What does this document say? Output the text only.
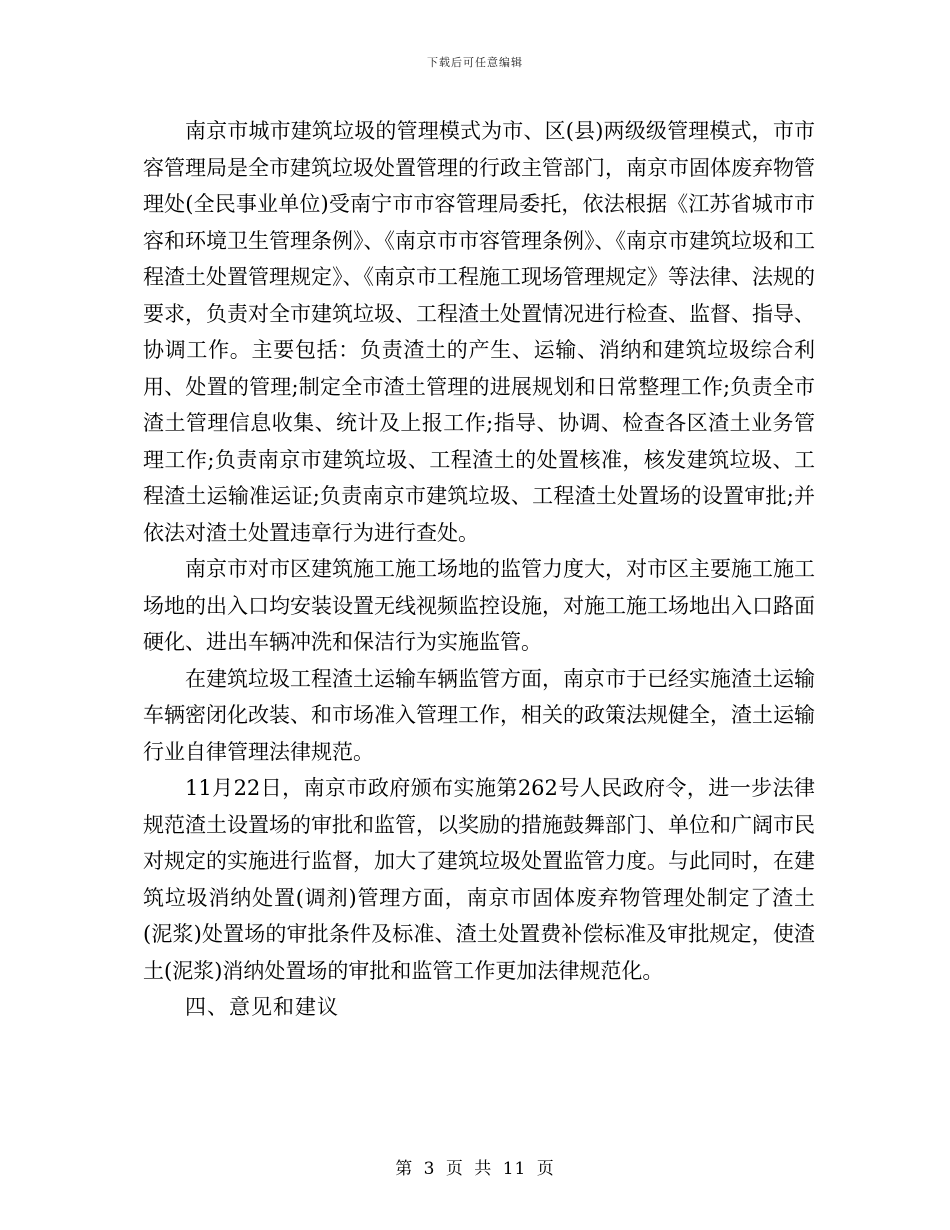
下载后可任意编辑

南京市城市建筑垃圾的管理模式为市、区(县)两级级管理模式，市市容管理局是全市建筑垃圾处置管理的行政主管部门，南京市固体废弃物管理处(全民事业单位)受南宁市市容管理局委托，依法根据《江苏省城市市容和环境卫生管理条例》、《南京市市容管理条例》、《南京市建筑垃圾和工程渣土处置管理规定》、《南京市工程施工现场管理规定》等法律、法规的要求，负责对全市建筑垃圾、工程渣土处置情况进行检查、监督、指导、协调工作。主要包括：负责渣土的产生、运输、消纳和建筑垃圾综合利用、处置的管理;制定全市渣土管理的进展规划和日常整理工作;负责全市渣土管理信息收集、统计及上报工作;指导、协调、检查各区渣土业务管理工作;负责南京市建筑垃圾、工程渣土的处置核准，核发建筑垃圾、工程渣土运输准运证;负责南京市建筑垃圾、工程渣土处置场的设置审批;并依法对渣土处置违章行为进行查处。

南京市对市区建筑施工施工场地的监管力度大，对市区主要施工施工场地的出入口均安装设置无线视频监控设施，对施工施工场地出入口路面硬化、进出车辆冲洗和保洁行为实施监管。

在建筑垃圾工程渣土运输车辆监管方面，南京市于已经实施渣土运输车辆密闭化改装、和市场准入管理工作，相关的政策法规健全，渣土运输行业自律管理法律规范。

11月22日，南京市政府颁布实施第262号人民政府令，进一步法律规范渣土设置场的审批和监管，以奖励的措施鼓舞部门、单位和广阔市民对规定的实施进行监督，加大了建筑垃圾处置监管力度。与此同时，在建筑垃圾消纳处置(调剂)管理方面，南京市固体废弃物管理处制定了渣土(泥浆)处置场的审批条件及标准、渣土处置费补偿标准及审批规定，使渣土(泥浆)消纳处置场的审批和监管工作更加法律规范化。

四、意见和建议

第 3 页 共 11 页
